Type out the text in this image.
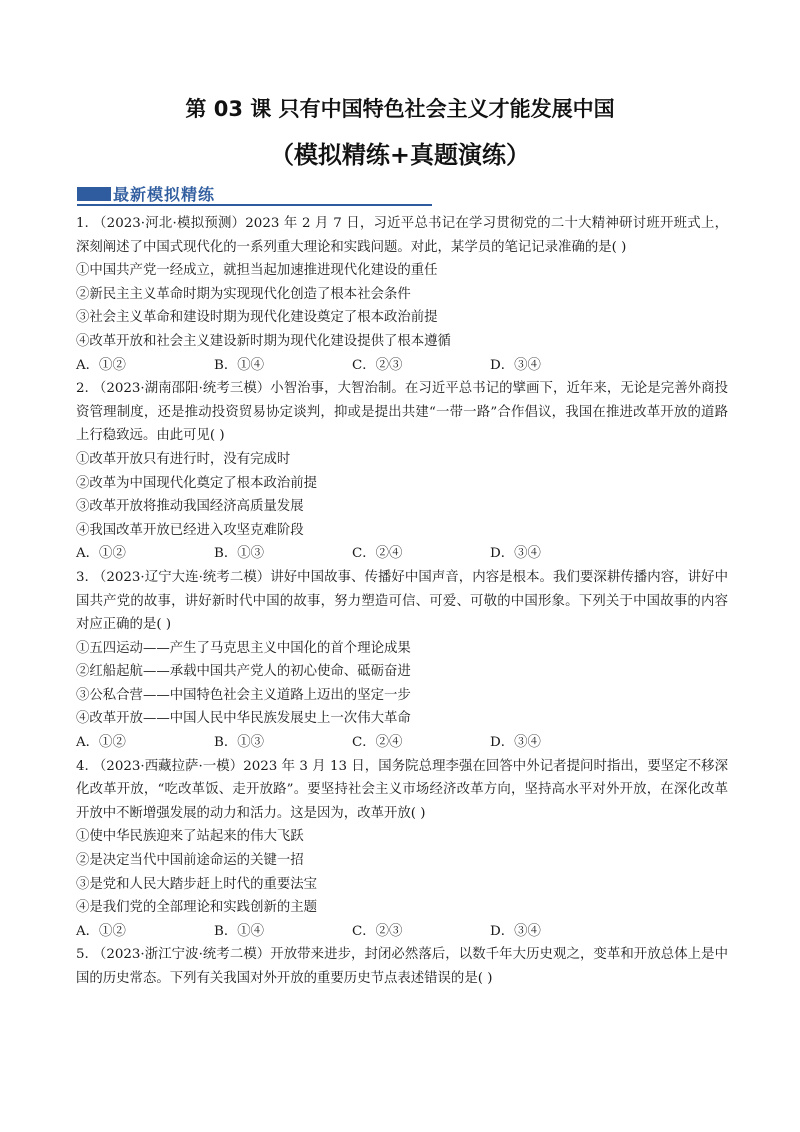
第 03 课 只有中国特色社会主义才能发展中国
（模拟精练+真题演练）
最新模拟精练
1. （2023·河北·模拟预测）2023 年 2 月 7 日，习近平总书记在学习贯彻党的二十大精神研讨班开班式上，深刻阐述了中国式现代化的一系列重大理论和实践问题。对此，某学员的笔记记录准确的是( )
①中国共产党一经成立，就担当起加速推进现代化建设的重任
②新民主主义革命时期为实现现代化创造了根本社会条件
③社会主义革命和建设时期为现代化建设奠定了根本政治前提
④改革开放和社会主义建设新时期为现代化建设提供了根本遵循
A．①②	B．①④	C．②③	D．③④
2. （2023·湖南邵阳·统考三模）小智治事，大智治制。在习近平总书记的擘画下，近年来，无论是完善外商投资管理制度，还是推动投资贸易协定谈判，抑或是提出共建“一带一路”合作倡议，我国在推进改革开放的道路上行稳致远。由此可见( )
①改革开放只有进行时，没有完成时
②改革为中国现代化奠定了根本政治前提
③改革开放将推动我国经济高质量发展
④我国改革开放已经进入攻坚克难阶段
A．①②	B．①③	C．②④	D．③④
3. （2023·辽宁大连·统考二模）讲好中国故事、传播好中国声音，内容是根本。我们要深耕传播内容，讲好中国共产党的故事，讲好新时代中国的故事，努力塑造可信、可爱、可敬的中国形象。下列关于中国故事的内容对应正确的是( )
①五四运动——产生了马克思主义中国化的首个理论成果
②红船起航——承载中国共产党人的初心使命、砥砺奋进
③公私合营——中国特色社会主义道路上迈出的坚定一步
④改革开放——中国人民中华民族发展史上一次伟大革命
A．①②	B．①③	C．②④	D．③④
4. （2023·西藏拉萨·一模）2023 年 3 月 13 日，国务院总理李强在回答中外记者提问时指出，要坚定不移深化改革开放，“吃改革饭、走开放路”。要坚持社会主义市场经济改革方向，坚持高水平对外开放，在深化改革开放中不断增强发展的动力和活力。这是因为，改革开放( )
①使中华民族迎来了站起来的伟大飞跃
②是决定当代中国前途命运的关键一招
③是党和人民大踏步赶上时代的重要法宝
④是我们党的全部理论和实践创新的主题
A．①②	B．①④	C．②③	D．③④
5. （2023·浙江宁波·统考二模）开放带来进步，封闭必然落后，以数千年大历史观之，变革和开放总体上是中国的历史常态。下列有关我国对外开放的重要历史节点表述错误的是( )
